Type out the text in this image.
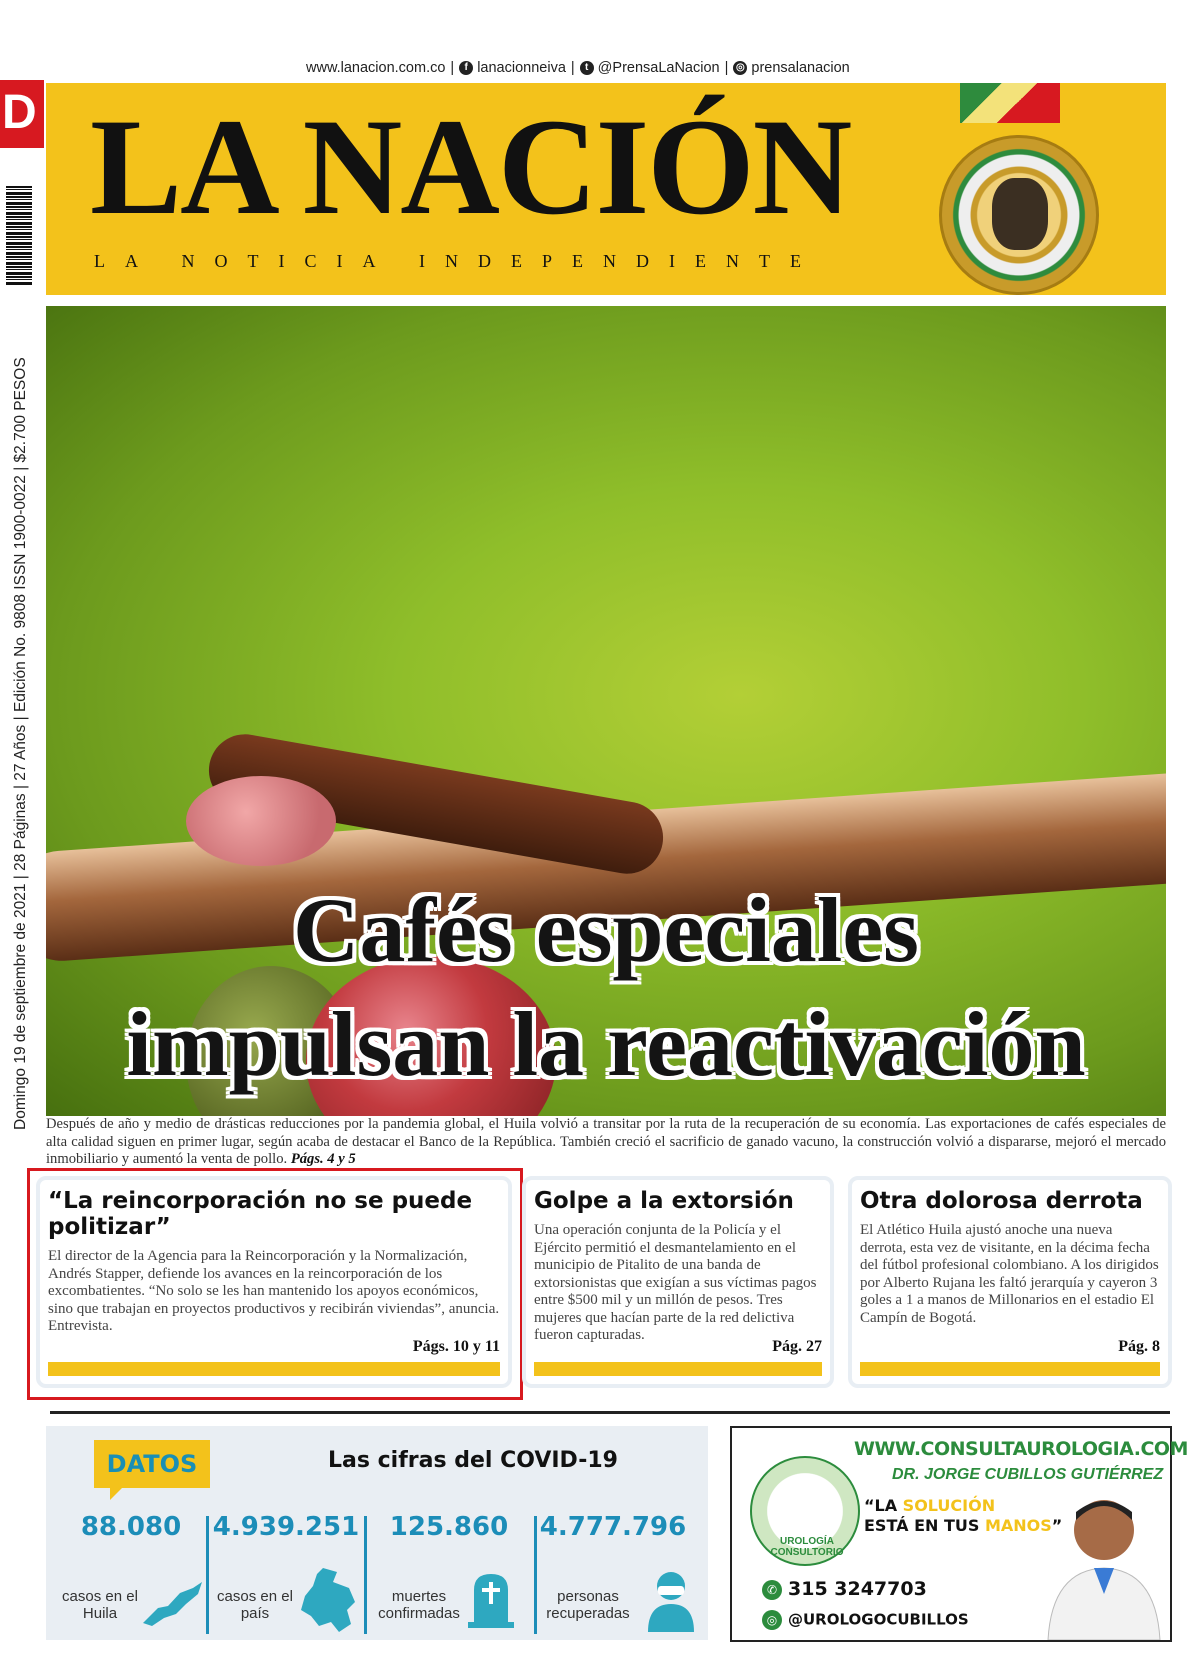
www.lanacion.com.co | f lanacionneiva | t @PrensaLaNacion | ◎ prensalanacion
D
Domingo 19 de septiembre de 2021 | 28 Páginas | 27 Años | Edición No. 9808 ISSN 1900-0022 | $2.700 PESOS
LA NACIÓN
LA NOTICIA INDEPENDIENTE
Cafés especiales
impulsan la reactivación
Después de año y medio de drásticas reducciones por la pandemia global, el Huila volvió a transitar por la ruta de la recuperación de su economía. Las exportaciones de cafés especiales de alta calidad siguen en primer lugar, según acaba de destacar el Banco de la República. También creció el sacrificio de ganado vacuno, la construcción volvió a dispararse, mejoró el mercado inmobiliario y aumentó la venta de pollo. Págs. 4 y 5
“La reincorporación no se puede politizar”

El director de la Agencia para la Reincorporación y la Normalización, Andrés Stapper, defiende los avances en la reincorporación de los excombatientes. “No solo se les han mantenido los apoyos económicos, sino que trabajan en proyectos productivos y recibirán viviendas”, anuncia. Entrevista.

Págs. 10 y 11
Golpe a la extorsión

Una operación conjunta de la Policía y el Ejército permitió el desmantelamiento en el municipio de Pitalito de una banda de extorsionistas que exigían a sus víctimas pagos entre $500 mil y un millón de pesos. Tres mujeres que hacían parte de la red delictiva fueron capturadas.

Pág. 27
Otra dolorosa derrota

El Atlético Huila ajustó anoche una nueva derrota, esta vez de visitante, en la décima fecha del fútbol profesional colombiano. A los dirigidos por Alberto Rujana les faltó jerarquía y cayeron 3 goles a 1 a manos de Millonarios en el estadio El Campín de Bogotá.

Pág. 8
DATOS	Las cifras del COVID-19
88.080
casos en el Huila
4.939.251
casos en el país
125.860
muertes confirmadas
4.777.796
personas recuperadas
UROLOGÍA CONSULTORIO
WWW.CONSULTAUROLOGIA.COM
DR. JORGE CUBILLOS GUTIÉRREZ
“LA SOLUCIÓN
ESTÁ EN TUS MANOS”
✆ 315 3247703
◎ @UROLOGOCUBILLOS
